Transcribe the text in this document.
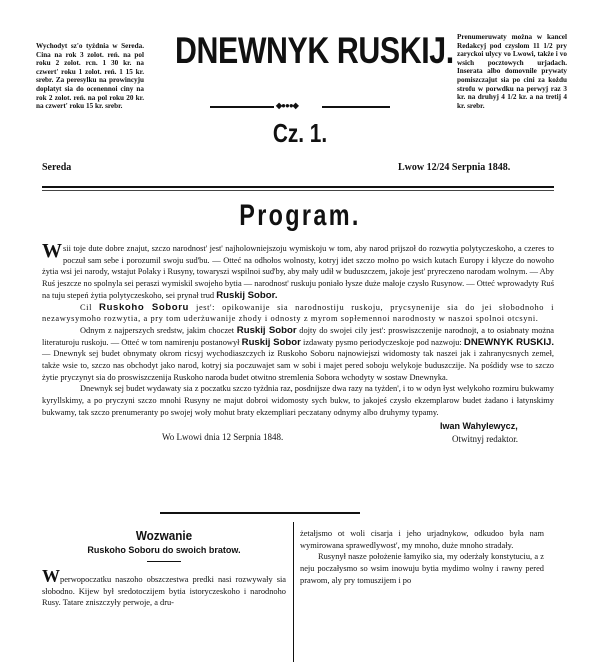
Wychodyt sz'o tyźdnia w Sereda. Cina na rok 3 zolot. reń. na pol roku 2 zolot. rcn. 1 30 kr. na czwert' roku 1 zolot. reń. 1 15 kr. srebr. Za peresylku na prowincyju doplatyt sia do ocenennoi ciny na rok 2 zolot. reń. na pol roku 20 kr. na czwert' roku 15 kr. srebr.
DNEWNYK RUSKIJ. Prenumeruwaty można w kancel Redakcyj pod czyslom 11 1/2 pry zaryckoi ulycy vo Lwowi, także i vo wsich pocztowych urjadach. Inserata albo domovnile prywaty pomiszczajut sia po cini za kożdu strofu w porwdku na perwyj raz 3 kr. na druhyj 4 1/2 kr. a na tretij 4 kr. srebr.
◆●●●◆
Cz. 1.
Sereda	Lwow 12/24 Serpnia 1848.
Program.

Wsii toje dute dobre znajut, szczo narodnost' jest' najholowniejszoju wymiskoju w tom, aby narod prijszoł do rozwytia polytyczeskoho, a czeres to poczuł sam sebe i porozumil swoju sud'bu. — Otteć na odhołos wolnosty, kotryj idet szczo mołno po wsich kutach Europy i kłycze do nowoho żytia wsi jei narody, wstajut Polaky i Rusyny, towaryszi wspilnoi sud'by, aby mały udił w buduszczem, jakoje jest' pryreczeno narodam wolnym. — Aby Ruś jeszcze no spolnyla sei peraszi wymiskil swojeho bytia — narodnost' ruskuju poniało łysze duże małoje czysło Rusynow. — Otteć wprowadyty Ruś na tuju stepeń żytia polytyczeskoho, sei prynał trud Ruskij Sobor.

Cil Ruskoho Soboru jest': opikowanije sia narodnostiju ruskoju, prycsynenije sia do jei słobodnoho i nezawysymoho rozwytia, a pry tom uderżuwanije zhody i odnosty z myrom sopłemennoi narodnosty w naszoi spolnoi otcsyni.

Odnym z najperszych sredstw, jakim choczet Ruskij Sobor dojty do swojei cily jest': proswiszczenije narodnojt, a to osiabnaty można literaturoju ruskoju. — Otteć w tom namirenju postanowył Ruskij Sobor izdawaty pysmo periodyczeskoje pod nazwoju: DNEWNYK RUSKIJ. — Dnewnyk sej budet obnymaty okrom ricsyj wychodiaszczych iz Ruskoho Soboru najnowiejszi widomosty tak naszei jak i zahranycsnych zemeł, także wsie to, szczo nas obchodyt jako narod, kotryj sia poczuwajet sam w sobi i majet pered soboju welykoje buduszczije. Na pośdidy wse to szczo żytie pryczynyt sia do proswiszczenija Ruskoho naroda budet otwitno stremlenia Sobora wchodyty w sostaw Dnewnyka.

Dnewnyk sej budet wydawaty sia z poczatku szczo tyżdnia raz, posdnijsze dwa razy na tyżden', i to w odyn łyst welykoho rozmiru bukwamy kyryllskimy, a po pryczyni szczo mnohi Rusyny ne majut dobroi widomosty sych bukw, to jakojeś czysło ekzemplarow budet żadano i łatynskimy bukwamy, tak szczo prenumeranty po swojej woły mohut braty ekzempliari peczatany odnymy albo druhymy typamy.

Wo Lwowi dnia 12 Serpnia 1848.
Iwan Wahylewycz,
Otwitnyj redaktor.
Wozwanie
Ruskoho Soboru do swoich bratow.

Wperwopoczatku naszoho obszczestwa predki nasi rozwywały sia słobodno. Kijew był sredotoczijem bytia istoryczeskoho i narodnoho Rusy. Tatare zniszczyły perwoje, a dru-

żetałjsmo ot woli cisarja i jeho urjadnykow, odkudoo była nam wymirowana sprawedlywost', my mnoho, duże mnoho stradały.

Rusynył nasze położenie łamyiko sia, my oderżały konstytuciu, a z neju poczałysmo so wsim inowuju bytia mydimo wolny i rawny pered prawom, aly pry tomuszijem i po
